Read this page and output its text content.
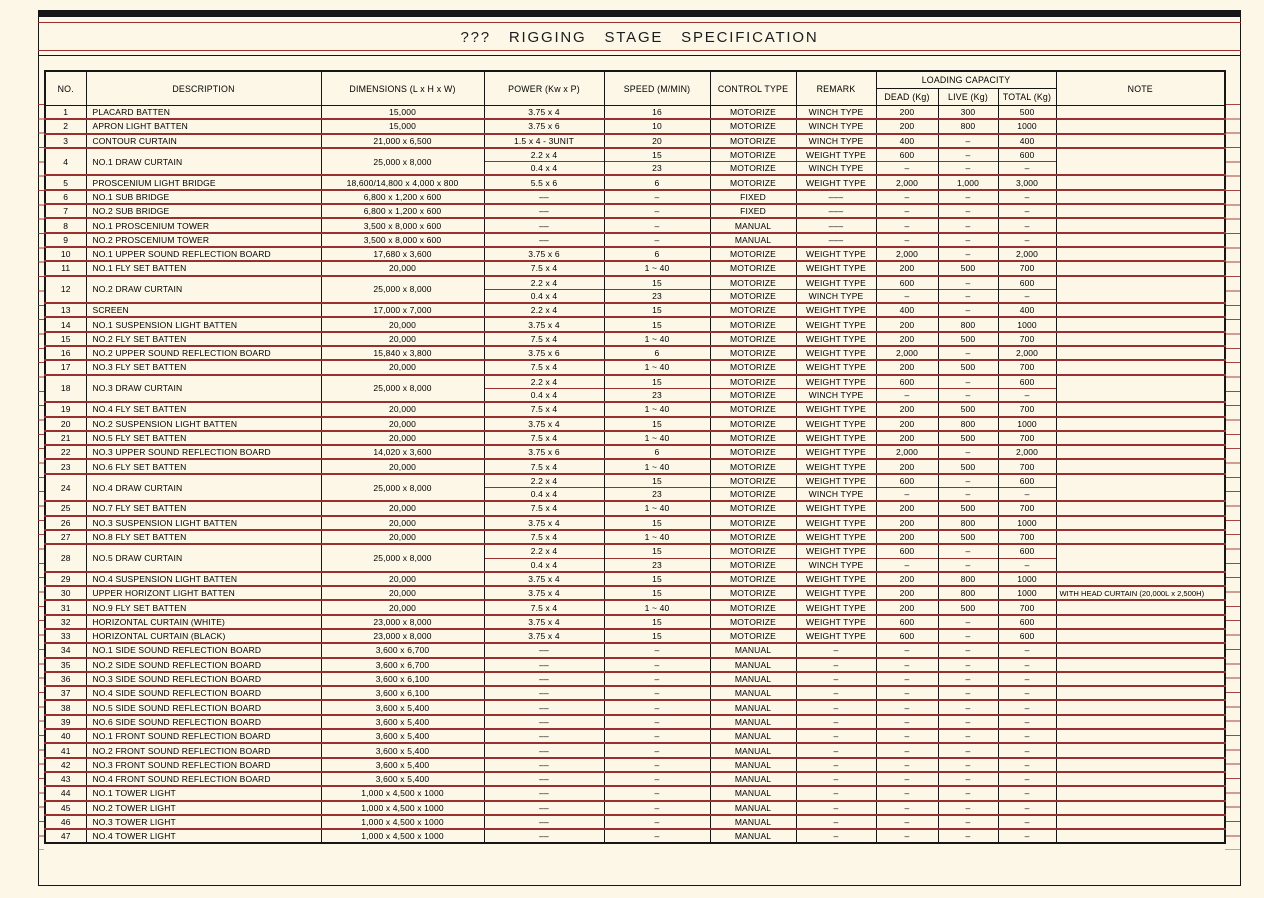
??? RIGGING STAGE SPECIFICATION
NO.	DESCRIPTION	DIMENSIONS (L x H x W)	POWER (Kw x P)	SPEED (M/MIN)	CONTROL TYPE	REMARK	LOADING CAPACITY			NOTE
							DEAD (Kg)	LIVE (Kg)	TOTAL (Kg)	
1	PLACARD BATTEN	15,000	3.75 x 4	16	MOTORIZE	WINCH TYPE	200	300	500	
2	APRON LIGHT BATTEN	15,000	3.75 x 6	10	MOTORIZE	WINCH TYPE	200	800	1000	
3	CONTOUR CURTAIN	21,000 x 6,500	1.5 x 4 - 3UNIT	20	MOTORIZE	WINCH TYPE	400	–	400	
4	NO.1 DRAW CURTAIN	25,000 x 8,000	2.2 x 4	15	MOTORIZE	WEIGHT TYPE	600	–	600	
			0.4 x 4	23	MOTORIZE	WINCH TYPE	–	–	–	
5	PROSCENIUM LIGHT BRIDGE	18,600/14,800 x 4,000 x 800	5.5 x 6	6	MOTORIZE	WEIGHT TYPE	2,000	1,000	3,000	
6	NO.1 SUB BRIDGE	6,800 x 1,200 x 600	––	–	FIXED	–––	–	–	–	
7	NO.2 SUB BRIDGE	6,800 x 1,200 x 600	––	–	FIXED	–––	–	–	–	
8	NO.1 PROSCENIUM TOWER	3,500 x 8,000 x 600	––	–	MANUAL	–––	–	–	–	
9	NO.2 PROSCENIUM TOWER	3,500 x 8,000 x 600	––	–	MANUAL	–––	–	–	–	
10	NO.1 UPPER SOUND REFLECTION BOARD	17,680 x 3,600	3.75 x 6	6	MOTORIZE	WEIGHT TYPE	2,000	–	2,000	
11	NO.1 FLY SET BATTEN	20,000	7.5 x 4	1 ~ 40	MOTORIZE	WEIGHT TYPE	200	500	700	
12	NO.2 DRAW CURTAIN	25,000 x 8,000	2.2 x 4	15	MOTORIZE	WEIGHT TYPE	600	–	600	
			0.4 x 4	23	MOTORIZE	WINCH TYPE	–	–	–	
13	SCREEN	17,000 x 7,000	2.2 x 4	15	MOTORIZE	WEIGHT TYPE	400	–	400	
14	NO.1 SUSPENSION LIGHT BATTEN	20,000	3.75 x 4	15	MOTORIZE	WEIGHT TYPE	200	800	1000	
15	NO.2 FLY SET BATTEN	20,000	7.5 x 4	1 ~ 40	MOTORIZE	WEIGHT TYPE	200	500	700	
16	NO.2 UPPER SOUND REFLECTION BOARD	15,840 x 3,800	3.75 x 6	6	MOTORIZE	WEIGHT TYPE	2,000	–	2,000	
17	NO.3 FLY SET BATTEN	20,000	7.5 x 4	1 ~ 40	MOTORIZE	WEIGHT TYPE	200	500	700	
18	NO.3 DRAW CURTAIN	25,000 x 8,000	2.2 x 4	15	MOTORIZE	WEIGHT TYPE	600	–	600	
			0.4 x 4	23	MOTORIZE	WINCH TYPE	–	–	–	
19	NO.4 FLY SET BATTEN	20,000	7.5 x 4	1 ~ 40	MOTORIZE	WEIGHT TYPE	200	500	700	
20	NO.2 SUSPENSION LIGHT BATTEN	20,000	3.75 x 4	15	MOTORIZE	WEIGHT TYPE	200	800	1000	
21	NO.5 FLY SET BATTEN	20,000	7.5 x 4	1 ~ 40	MOTORIZE	WEIGHT TYPE	200	500	700	
22	NO.3 UPPER SOUND REFLECTION BOARD	14,020 x 3,600	3.75 x 6	6	MOTORIZE	WEIGHT TYPE	2,000	–	2,000	
23	NO.6 FLY SET BATTEN	20,000	7.5 x 4	1 ~ 40	MOTORIZE	WEIGHT TYPE	200	500	700	
24	NO.4 DRAW CURTAIN	25,000 x 8,000	2.2 x 4	15	MOTORIZE	WEIGHT TYPE	600	–	600	
			0.4 x 4	23	MOTORIZE	WINCH TYPE	–	–	–	
25	NO.7 FLY SET BATTEN	20,000	7.5 x 4	1 ~ 40	MOTORIZE	WEIGHT TYPE	200	500	700	
26	NO.3 SUSPENSION LIGHT BATTEN	20,000	3.75 x 4	15	MOTORIZE	WEIGHT TYPE	200	800	1000	
27	NO.8 FLY SET BATTEN	20,000	7.5 x 4	1 ~ 40	MOTORIZE	WEIGHT TYPE	200	500	700	
28	NO.5 DRAW CURTAIN	25,000 x 8,000	2.2 x 4	15	MOTORIZE	WEIGHT TYPE	600	–	600	
			0.4 x 4	23	MOTORIZE	WINCH TYPE	–	–	–	
29	NO.4 SUSPENSION LIGHT BATTEN	20,000	3.75 x 4	15	MOTORIZE	WEIGHT TYPE	200	800	1000	
30	UPPER HORIZONT LIGHT BATTEN	20,000	3.75 x 4	15	MOTORIZE	WEIGHT TYPE	200	800	1000	WITH HEAD CURTAIN (20,000L x 2,500H)
31	NO.9 FLY SET BATTEN	20,000	7.5 x 4	1 ~ 40	MOTORIZE	WEIGHT TYPE	200	500	700	
32	HORIZONTAL CURTAIN (WHITE)	23,000 x 8,000	3.75 x 4	15	MOTORIZE	WEIGHT TYPE	600	–	600	
33	HORIZONTAL CURTAIN (BLACK)	23,000 x 8,000	3.75 x 4	15	MOTORIZE	WEIGHT TYPE	600	–	600	
34	NO.1 SIDE SOUND REFLECTION BOARD	3,600 x 6,700	––	–	MANUAL	–	–	–	–	
35	NO.2 SIDE SOUND REFLECTION BOARD	3,600 x 6,700	––	–	MANUAL	–	–	–	–	
36	NO.3 SIDE SOUND REFLECTION BOARD	3,600 x 6,100	––	–	MANUAL	–	–	–	–	
37	NO.4 SIDE SOUND REFLECTION BOARD	3,600 x 6,100	––	–	MANUAL	–	–	–	–	
38	NO.5 SIDE SOUND REFLECTION BOARD	3,600 x 5,400	––	–	MANUAL	–	–	–	–	
39	NO.6 SIDE SOUND REFLECTION BOARD	3,600 x 5,400	––	–	MANUAL	–	–	–	–	
40	NO.1 FRONT SOUND REFLECTION BOARD	3,600 x 5,400	––	–	MANUAL	–	–	–	–	
41	NO.2 FRONT SOUND REFLECTION BOARD	3,600 x 5,400	––	–	MANUAL	–	–	–	–	
42	NO.3 FRONT SOUND REFLECTION BOARD	3,600 x 5,400	––	–	MANUAL	–	–	–	–	
43	NO.4 FRONT SOUND REFLECTION BOARD	3,600 x 5,400	––	–	MANUAL	–	–	–	–	
44	NO.1 TOWER LIGHT	1,000 x 4,500 x 1000	––	–	MANUAL	–	–	–	–	
45	NO.2 TOWER LIGHT	1,000 x 4,500 x 1000	––	–	MANUAL	–	–	–	–	
46	NO.3 TOWER LIGHT	1,000 x 4,500 x 1000	––	–	MANUAL	–	–	–	–	
47	NO.4 TOWER LIGHT	1,000 x 4,500 x 1000	––	–	MANUAL	–	–	–	–	
